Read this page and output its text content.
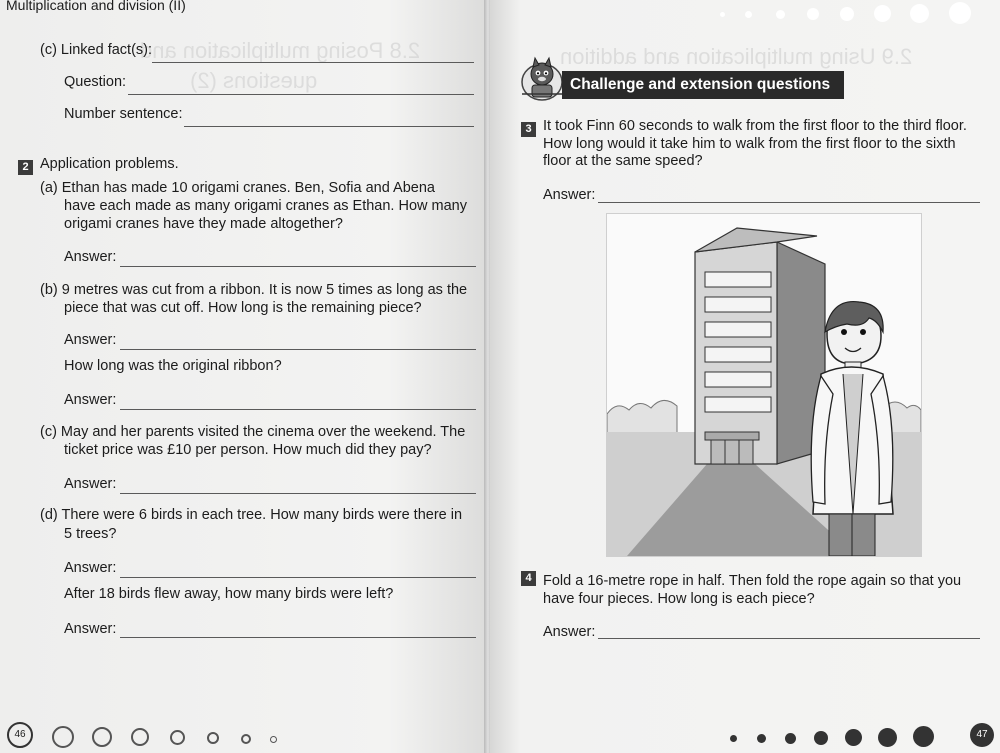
2.8 Posing multiplication and
questions (2)
Multiplication and division (II)
(c) Linked fact(s):
Question:
Number sentence:
2 Application problems.
(a) Ethan has made 10 origami cranes. Ben, Sofia and Abena
have each made as many origami cranes as Ethan. How many
origami cranes have they made altogether?
Answer:
(b) 9 metres was cut from a ribbon. It is now 5 times as long as the
piece that was cut off. How long is the remaining piece?
Answer:
How long was the original ribbon?
Answer:
(c) May and her parents visited the cinema over the weekend. The
ticket price was £10 per person. How much did they pay?
Answer:
(d) There were 6 birds in each tree. How many birds were there in
5 trees?
Answer:
After 18 birds flew away, how many birds were left?
Answer:
46
2.9 Using multiplication and addition
Challenge and extension questions
3 It took Finn 60 seconds to walk from the first floor to the third floor.
How long would it take him to walk from the first floor to the sixth
floor at the same speed?
Answer:
4 Fold a 16-metre rope in half. Then fold the rope again so that you
have four pieces. How long is each piece?
Answer:
47
